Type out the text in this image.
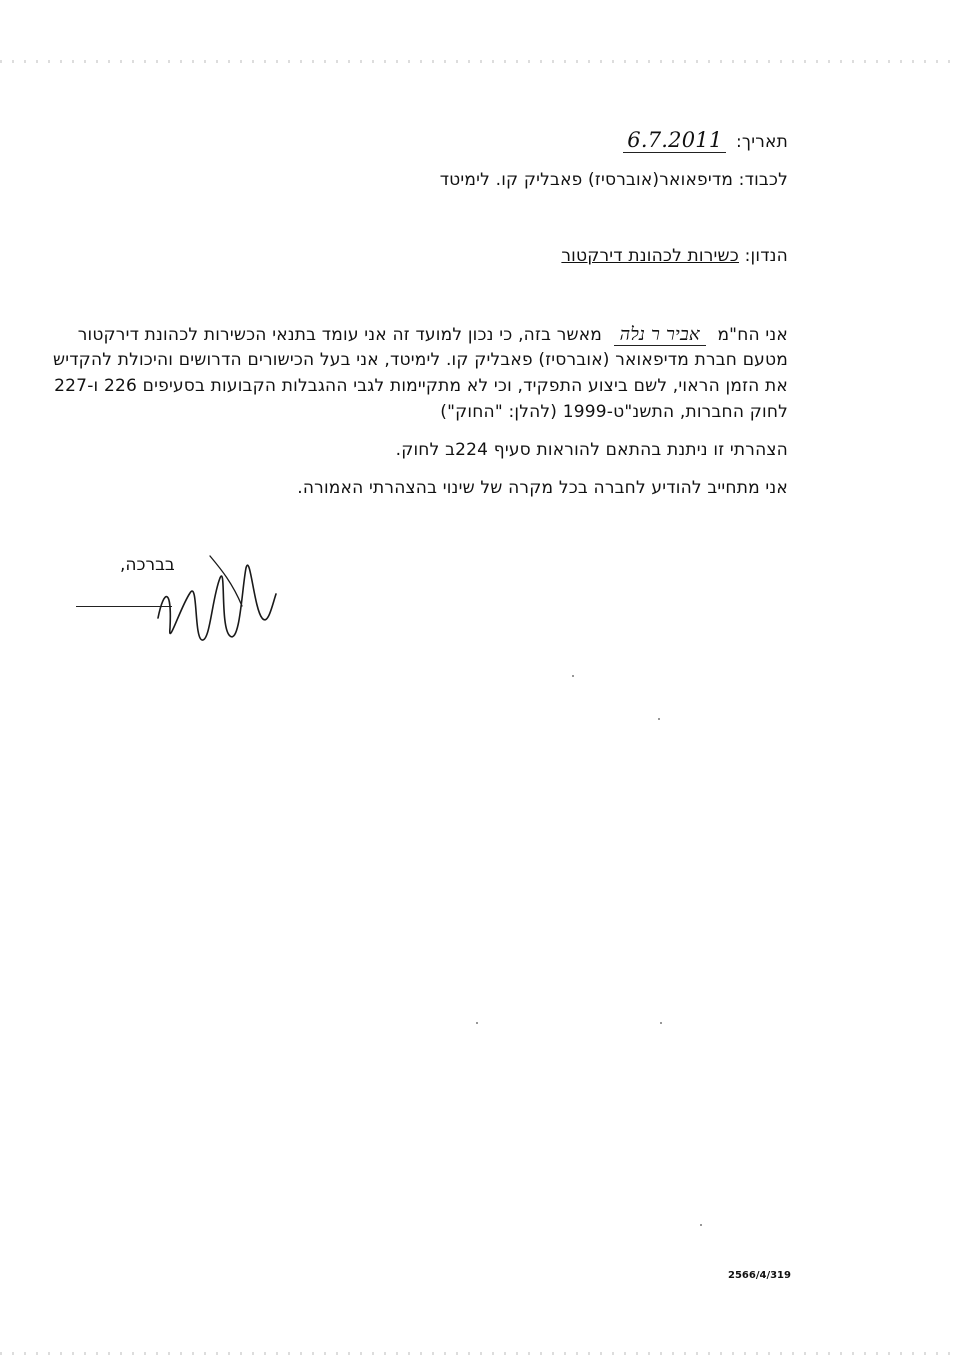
תאריך: 6.7.2011
לכבוד: מדיפאואר(אוברסיז) פאבליק קו. לימיטד
הנדון: כשירות לכהונת דירקטור
אני הח"מ אביר ר נלה מאשר בזה, כי נכון למועד זה אני עומד בתנאי הכשירות לכהונת דירקטור
מטעם חברת מדיפאואר (אוברסיז) פאבליק קו. לימיטד, אני בעל הכישורים הדרושים והיכולת להקדיש
את הזמן הראוי, לשם ביצוע התפקיד, וכי לא מתקיימות לגבי ההגבלות הקבועות בסעיפים 226 ו-227
לחוק החברות, התשנ"ט-1999 (להלן: "החוק")
הצהרתי זו ניתנת בהתאם להוראות סעיף 224ב לחוק.
אני מתחייב להודיע לחברה בכל מקרה של שינוי בהצהרתי האמורה.
בברכה,
2566/4/319
